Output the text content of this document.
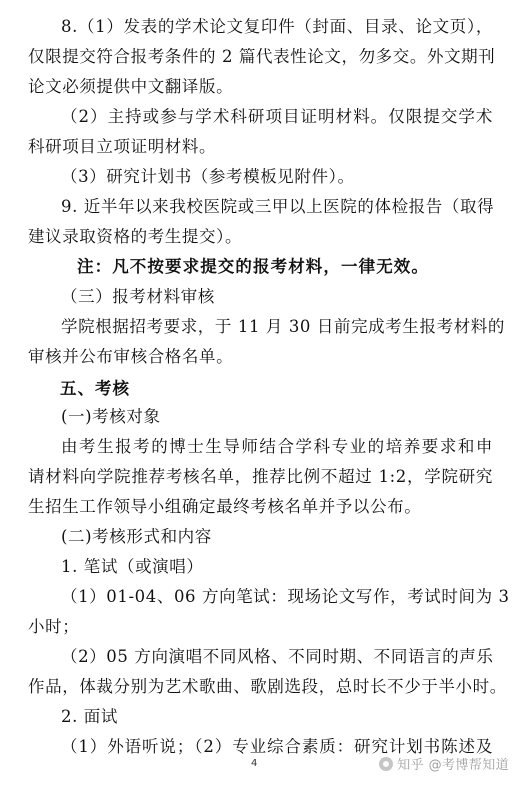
8.（1）发表的学术论文复印件（封面、目录、论文页），
仅限提交符合报考条件的 2 篇代表性论文，勿多交。外文期刊
论文必须提供中文翻译版。
（2）主持或参与学术科研项目证明材料。仅限提交学术
科研项目立项证明材料。
（3）研究计划书（参考模板见附件）。
9. 近半年以来我校医院或三甲以上医院的体检报告（取得
建议录取资格的考生提交）。
注：凡不按要求提交的报考材料，一律无效。
（三）报考材料审核
学院根据招考要求，于 11 月 30 日前完成考生报考材料的
审核并公布审核合格名单。
五、考核
(一)考核对象
由考生报考的博士生导师结合学科专业的培养要求和申
请材料向学院推荐考核名单，推荐比例不超过 1:2，学院研究
生招生工作领导小组确定最终考核名单并予以公布。
(二)考核形式和内容
1. 笔试（或演唱）
（1）01-04、06 方向笔试：现场论文写作，考试时间为 3
小时；
（2）05 方向演唱不同风格、不同时期、不同语言的声乐
作品，体裁分别为艺术歌曲、歌剧选段，总时长不少于半小时。
2. 面试
（1）外语听说；（2）专业综合素质：研究计划书陈述及
4	知乎 @考博帮知道
